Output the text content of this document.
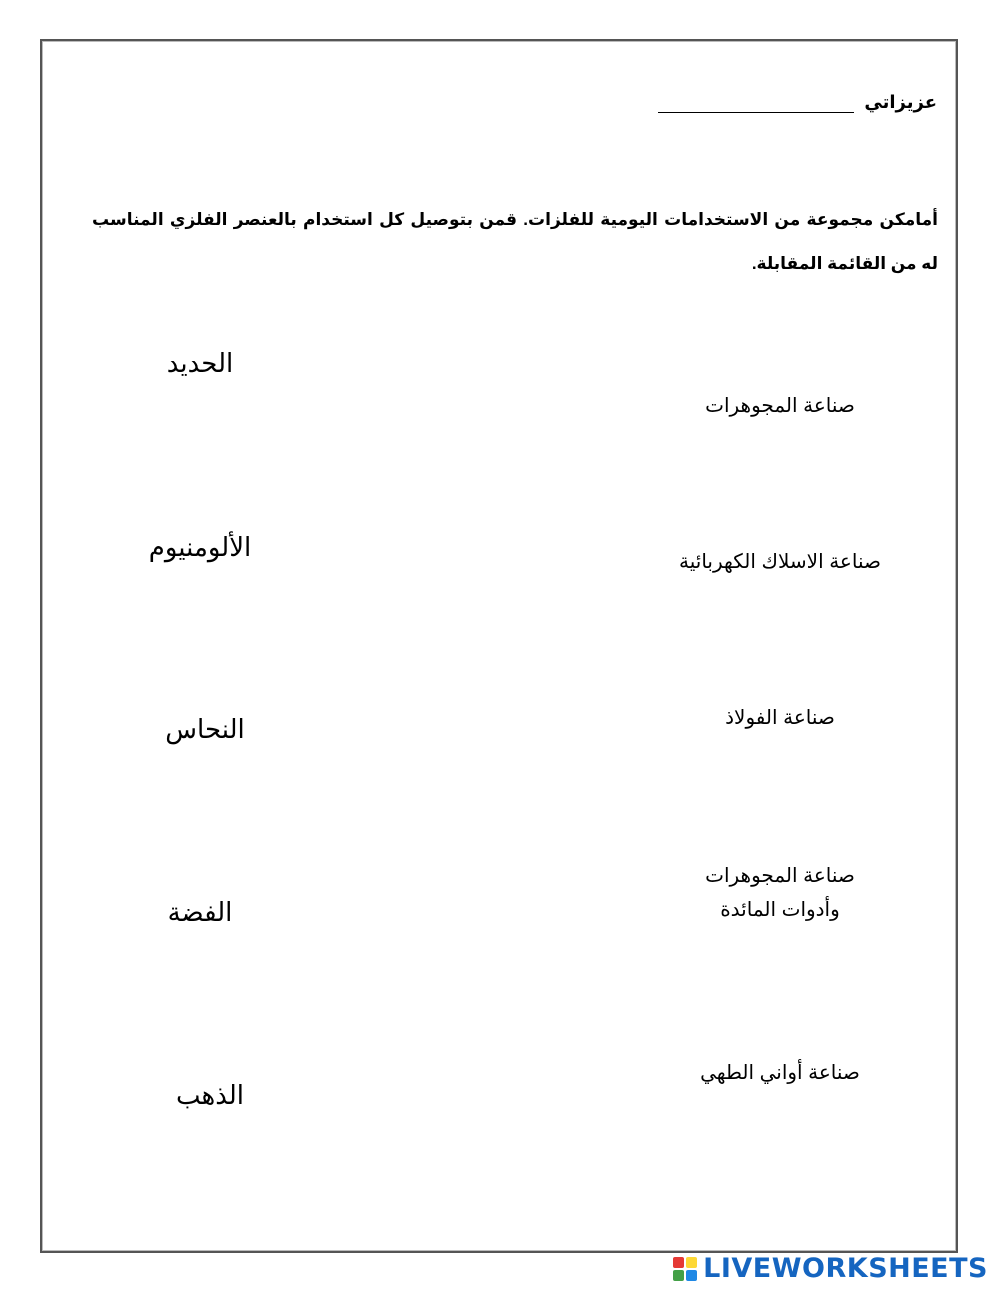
عزيزاتي
أمامكن مجموعة من الاستخدامات اليومية للفلزات. قمن بتوصيل كل استخدام بالعنصر الفلزي المناسب له من القائمة المقابلة.
الحديد
الألومنيوم
النحاس
الفضة
الذهب
صناعة المجوهرات
صناعة الاسلاك الكهربائية
صناعة الفولاذ
صناعة المجوهرات
وأدوات المائدة
صناعة أواني الطهي
LIVEWORKSHEETS
